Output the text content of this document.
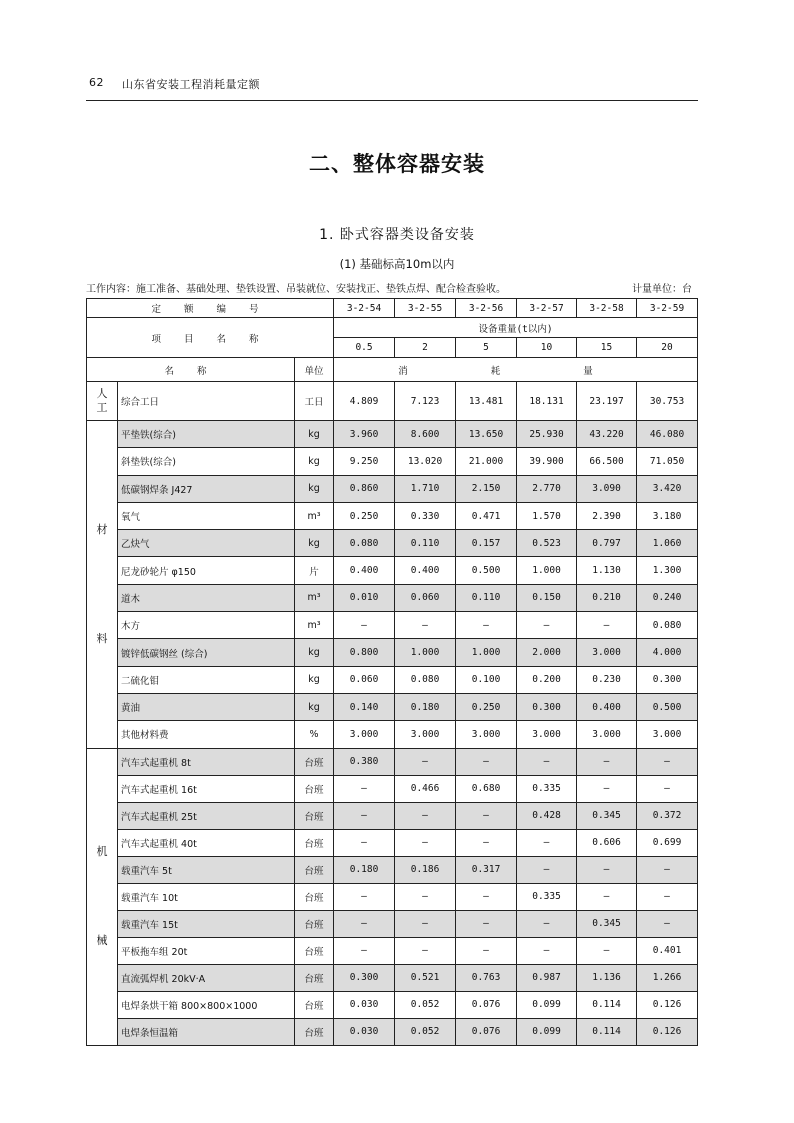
62 山东省安装工程消耗量定额
二、整体容器安装
1. 卧式容器类设备安装
(1) 基础标高10m以内
工作内容：施工准备、基础处理、垫铁设置、吊装就位、安装找正、垫铁点焊、配合检查验收。	计量单位：台
定 额 编 号			3-2-54	3-2-55	3-2-56	3-2-57	3-2-58	3-2-59
项 目 名 称			设备重量(t以内)					
			0.5	2	5	10	15	20
名 称		单位	消 耗 量					

人
工	综合工日	工日	4.809	7.123	13.481	18.131	23.197	30.753

材
料	平垫铁(综合)	kg	3.960	8.600	13.650	25.930	43.220	46.080
	斜垫铁(综合)	kg	9.250	13.020	21.000	39.900	66.500	71.050
	低碳钢焊条 J427	kg	0.860	1.710	2.150	2.770	3.090	3.420
	氧气	m³	0.250	0.330	0.471	1.570	2.390	3.180
	乙炔气	kg	0.080	0.110	0.157	0.523	0.797	1.060
	尼龙砂轮片 φ150	片	0.400	0.400	0.500	1.000	1.130	1.300
	道木	m³	0.010	0.060	0.110	0.150	0.210	0.240
	木方	m³	—	—	—	—	—	0.080
	镀锌低碳钢丝 (综合)	kg	0.800	1.000	1.000	2.000	3.000	4.000
	二硫化钼	kg	0.060	0.080	0.100	0.200	0.230	0.300
	黄油	kg	0.140	0.180	0.250	0.300	0.400	0.500
	其他材料费	%	3.000	3.000	3.000	3.000	3.000	3.000

机
械	汽车式起重机 8t	台班	0.380	—	—	—	—	—
	汽车式起重机 16t	台班	—	0.466	0.680	0.335	—	—
	汽车式起重机 25t	台班	—	—	—	0.428	0.345	0.372
	汽车式起重机 40t	台班	—	—	—	—	0.606	0.699
	载重汽车 5t	台班	0.180	0.186	0.317	—	—	—
	载重汽车 10t	台班	—	—	—	0.335	—	—
	载重汽车 15t	台班	—	—	—	—	0.345	—
	平板拖车组 20t	台班	—	—	—	—	—	0.401
	直流弧焊机 20kV·A	台班	0.300	0.521	0.763	0.987	1.136	1.266
	电焊条烘干箱 800×800×1000	台班	0.030	0.052	0.076	0.099	0.114	0.126
	电焊条恒温箱	台班	0.030	0.052	0.076	0.099	0.114	0.126
